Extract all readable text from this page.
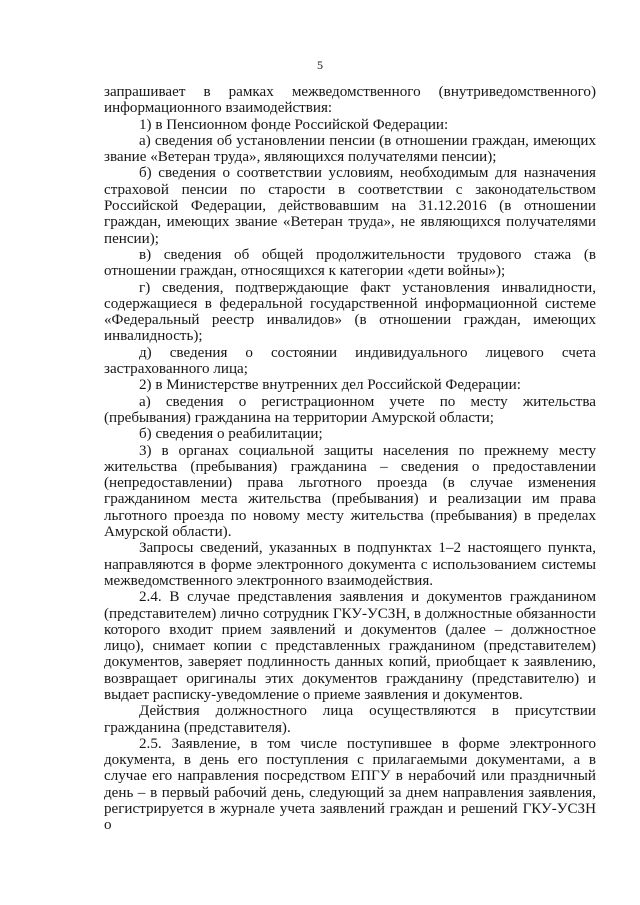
5

запрашивает в рамках межведомственного (внутриведомственного) информационного взаимодействия:

1) в Пенсионном фонде Российской Федерации:

а) сведения об установлении пенсии (в отношении граждан, имеющих звание «Ветеран труда», являющихся получателями пенсии);

б) сведения о соответствии условиям, необходимым для назначения страховой пенсии по старости в соответствии с законодательством Российской Федерации, действовавшим на 31.12.2016 (в отношении граждан, имеющих звание «Ветеран труда», не являющихся получателями пенсии);

в) сведения об общей продолжительности трудового стажа (в отношении граждан, относящихся к категории «дети войны»);

г) сведения, подтверждающие факт установления инвалидности, содержащиеся в федеральной государственной информационной системе «Федеральный реестр инвалидов» (в отношении граждан, имеющих инвалидность);

д) сведения о состоянии индивидуального лицевого счета застрахованного лица;

2) в Министерстве внутренних дел Российской Федерации:

а) сведения о регистрационном учете по месту жительства (пребывания) гражданина на территории Амурской области;

б) сведения о реабилитации;

3) в органах социальной защиты населения по прежнему месту жительства (пребывания) гражданина – сведения о предоставлении (непредоставлении) права льготного проезда (в случае изменения гражданином места жительства (пребывания) и реализации им права льготного проезда по новому месту жительства (пребывания) в пределах Амурской области).

Запросы сведений, указанных в подпунктах 1–2 настоящего пункта, направляются в форме электронного документа с использованием системы межведомственного электронного взаимодействия.

2.4. В случае представления заявления и документов гражданином (представителем) лично сотрудник ГКУ-УСЗН, в должностные обязанности которого входит прием заявлений и документов (далее – должностное лицо), снимает копии с представленных гражданином (представителем) документов, заверяет подлинность данных копий, приобщает к заявлению, возвращает оригиналы этих документов гражданину (представителю) и выдает расписку-уведомление о приеме заявления и документов.

Действия должностного лица осуществляются в присутствии гражданина (представителя).

2.5. Заявление, в том числе поступившее в форме электронного документа, в день его поступления с прилагаемыми документами, а в случае его направления посредством ЕПГУ в нерабочий или праздничный день – в первый рабочий день, следующий за днем направления заявления, регистрируется в журнале учета заявлений граждан и решений ГКУ-УСЗН о
